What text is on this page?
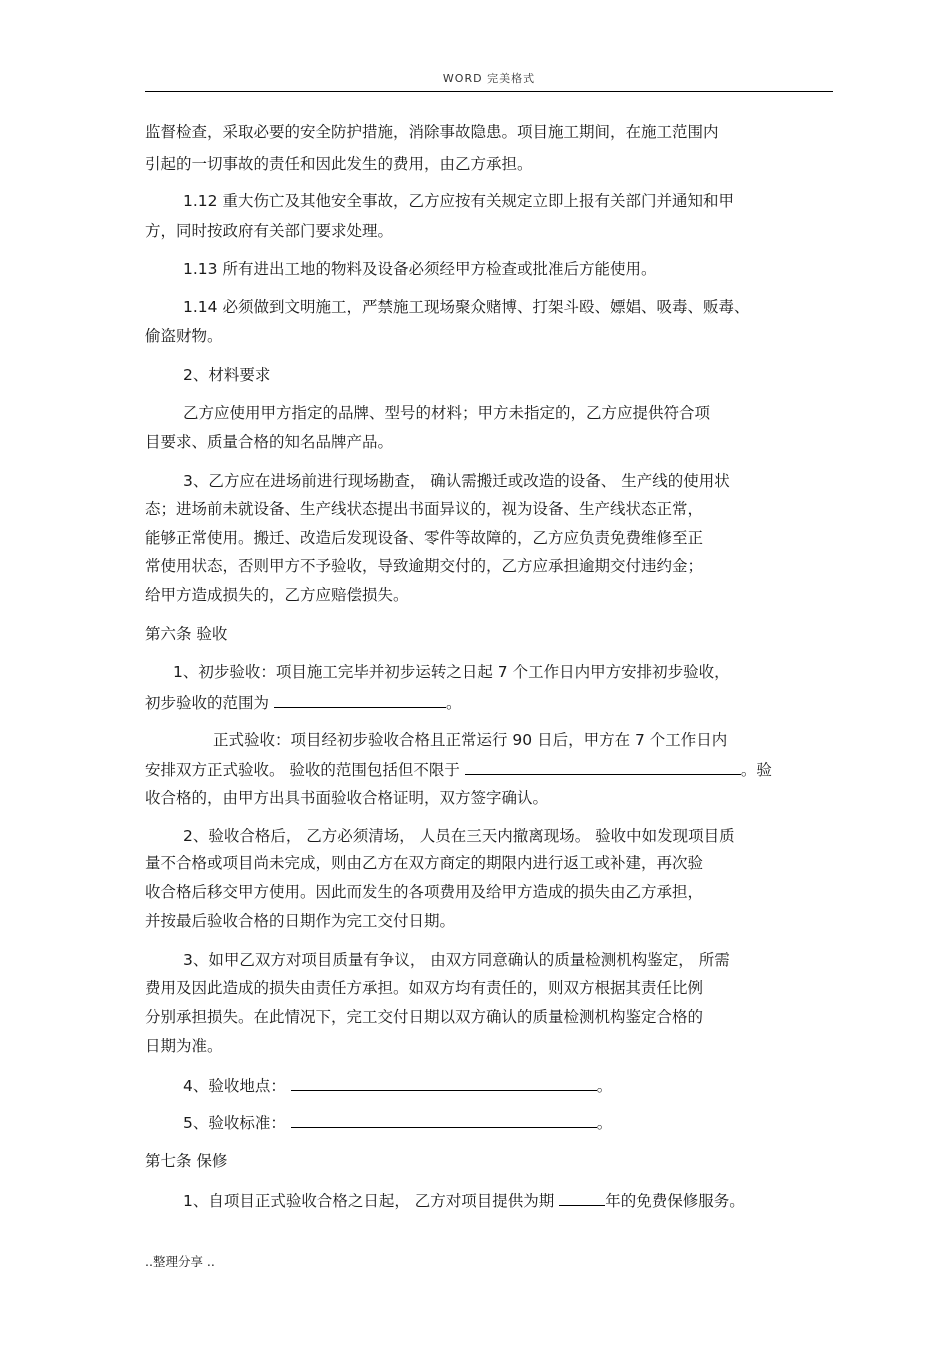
WORD 完美格式
监督检查，采取必要的安全防护措施，消除事故隐患。项目施工期间，在施工范围内
引起的一切事故的责任和因此发生的费用，由乙方承担。
1.12 重大伤亡及其他安全事故，乙方应按有关规定立即上报有关部门并通知和甲
方，同时按政府有关部门要求处理。
1.13 所有进出工地的物料及设备必须经甲方检查或批准后方能使用。
1.14 必须做到文明施工，严禁施工现场聚众赌博、打架斗殴、嫖娼、吸毒、贩毒、
偷盗财物。
2、材料要求
乙方应使用甲方指定的品牌、型号的材料；甲方未指定的，乙方应提供符合项
目要求、质量合格的知名品牌产品。
3、乙方应在进场前进行现场勘查， 确认需搬迁或改造的设备、 生产线的使用状
态；进场前未就设备、生产线状态提出书面异议的，视为设备、生产线状态正常，
能够正常使用。搬迁、改造后发现设备、零件等故障的，乙方应负责免费维修至正
常使用状态，否则甲方不予验收，导致逾期交付的，乙方应承担逾期交付违约金；
给甲方造成损失的，乙方应赔偿损失。
第六条 验收
1、初步验收：项目施工完毕并初步运转之日起 7 个工作日内甲方安排初步验收，
初步验收的范围为	。
正式验收：项目经初步验收合格且正常运行 90 日后，甲方在 7 个工作日内
安排双方正式验收。 验收的范围包括但不限于	。验
收合格的，由甲方出具书面验收合格证明，双方签字确认。
2、验收合格后， 乙方必须清场， 人员在三天内撤离现场。 验收中如发现项目质
量不合格或项目尚未完成，则由乙方在双方商定的期限内进行返工或补建，再次验
收合格后移交甲方使用。因此而发生的各项费用及给甲方造成的损失由乙方承担，
并按最后验收合格的日期作为完工交付日期。
3、如甲乙双方对项目质量有争议， 由双方同意确认的质量检测机构鉴定， 所需
费用及因此造成的损失由责任方承担。如双方均有责任的，则双方根据其责任比例
分别承担损失。在此情况下，完工交付日期以双方确认的质量检测机构鉴定合格的
日期为准。
4、验收地点：	。
5、验收标准：	。
第七条 保修
1、自项目正式验收合格之日起， 乙方对项目提供为期	年的免费保修服务。
..整理分享 ..
